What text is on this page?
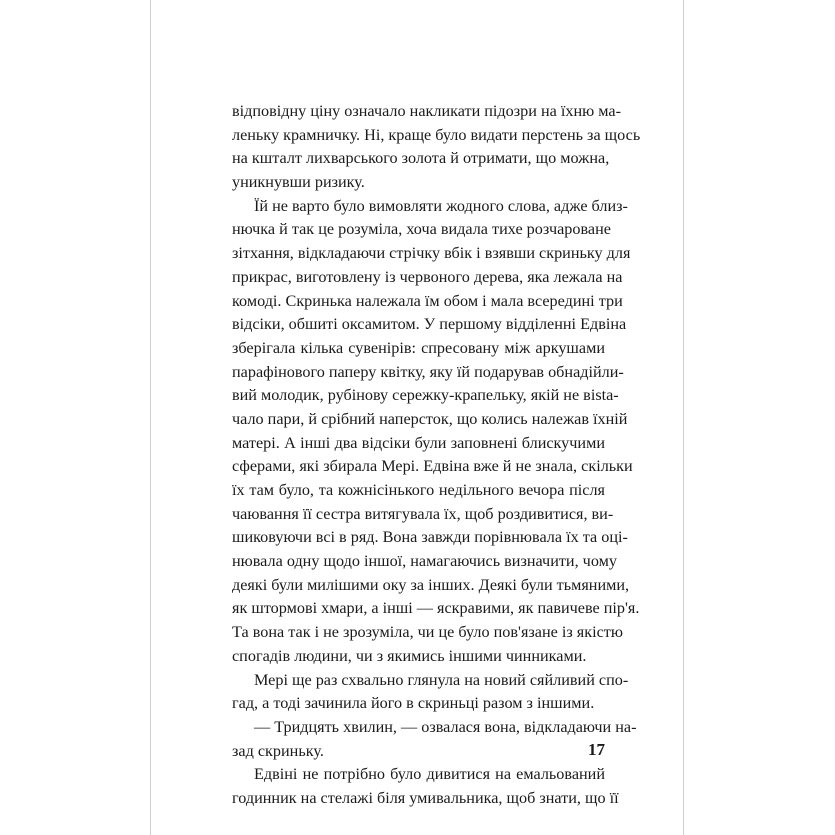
відповідну ціну означало накликати підозри на їхню ма-
леньку крамничку. Ні, краще було видати перстень за щось
на кшталт лихварського золота й отримати, що можна,
уникнувши ризику.
Їй не варто було вимовляти жодного слова, адже близ-
нючка й так це розуміла, хоча видала тихе розчароване
зітхання, відкладаючи стрічку вбік і взявши скриньку для
прикрас, виготовлену із червоного дерева, яка лежала на
комоді. Скринька належала їм обом і мала всередині три
відсіки, обшиті оксамитом. У першому відділенні Едвіна
зберігала кілька сувенірів: спресовану між аркушами
парафінового паперу квітку, яку їй подарував обнадійли-
вий молодик, рубінову сережку-крапельку, якій не вista-
чало пари, й срібний наперсток, що колись належав їхній
матері. А інші два відсіки були заповнені блискучими
сферами, які збирала Мері. Едвіна вже й не знала, скільки
їх там було, та кожнісінького недільного вечора після
чаювання її сестра витягувала їх, щоб роздивитися, ви-
шиковуючи всі в ряд. Вона завжди порівнювала їх та оці-
нювала одну щодо іншої, намагаючись визначити, чому
деякі були милішими оку за інших. Деякі були тьмяними,
як штормові хмари, а інші — яскравими, як павичеве пір'я.
Та вона так і не зрозуміла, чи це було пов'язане із якістю
спогадів людини, чи з якимись іншими чинниками.
Мері ще раз схвально глянула на новий сяйливий спо-
гад, а тоді зачинила його в скриньці разом з іншими.
— Тридцять хвилин, — озвалася вона, відкладаючи на-
зад скриньку.
Едвіні не потрібно було дивитися на емальований
годинник на стелажі біля умивальника, щоб знати, що її
17
